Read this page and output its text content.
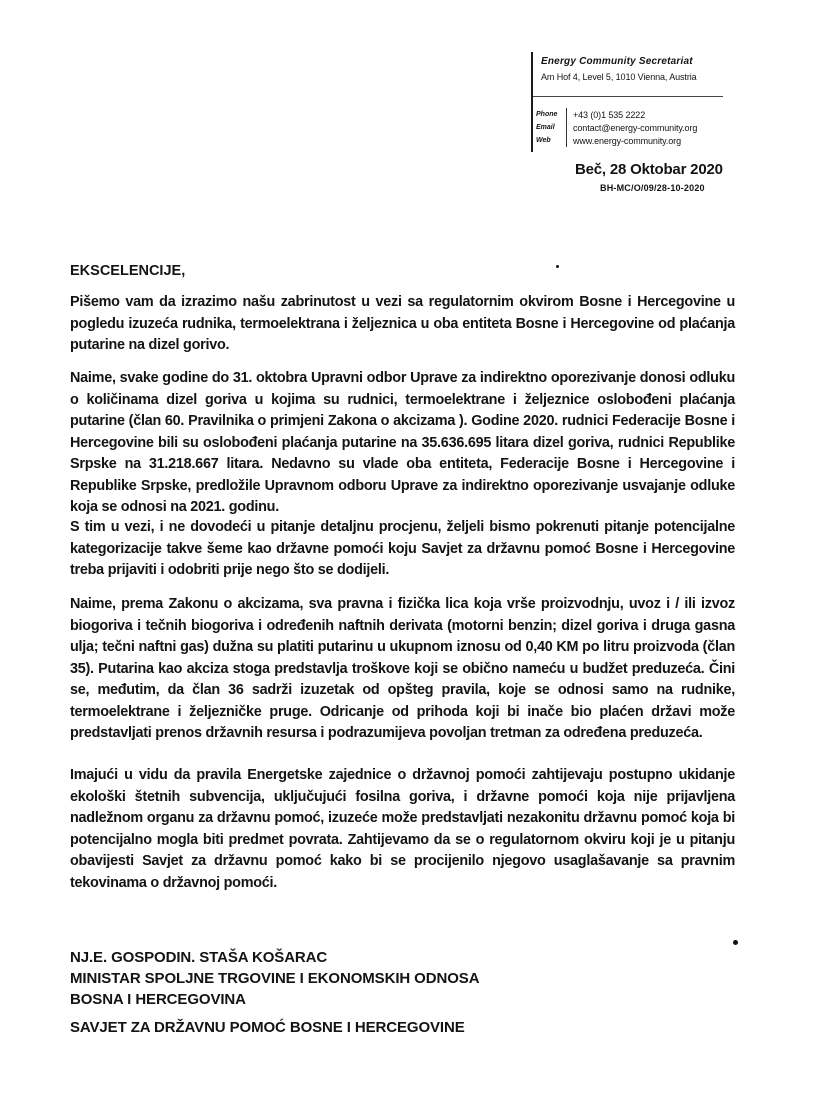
Energy Community Secretariat
Am Hof 4, Level 5, 1010 Vienna, Austria
Phone	+43 (0)1 535 2222
Email	contact@energy-community.org
Web	www.energy-community.org
Beč, 28 Oktobar 2020
BH-MC/O/09/28-10-2020
EKSCELENCIJE,
Pišemo vam da izrazimo našu zabrinutost u vezi sa regulatornim okvirom Bosne i Hercegovine u pogledu izuzeća rudnika, termoelektrana i željeznica u oba entiteta Bosne i Hercegovine od plaćanja putarine na dizel gorivo.
Naime, svake godine do 31. oktobra Upravni odbor Uprave za indirektno oporezivanje donosi odluku o količinama dizel goriva u kojima su rudnici, termoelektrane i željeznice oslobođeni plaćanja putarine (član 60. Pravilnika o primjeni Zakona o akcizama ). Godine 2020. rudnici Federacije Bosne i Hercegovine bili su oslobođeni plaćanja putarine na 35.636.695 litara dizel goriva, rudnici Republike Srpske na 31.218.667 litara. Nedavno su vlade oba entiteta, Federacije Bosne i Hercegovine i Republike Srpske, predložile Upravnom odboru Uprave za indirektno oporezivanje usvajanje odluke koja se odnosi na 2021. godinu.
S tim u vezi, i ne dovodeći u pitanje detaljnu procjenu, željeli bismo pokrenuti pitanje potencijalne kategorizacije takve šeme kao državne pomoći koju Savjet za državnu pomoć Bosne i Hercegovine treba prijaviti i odobriti prije nego što se dodijeli.
Naime, prema Zakonu o akcizama, sva pravna i fizička lica koja vrše proizvodnju, uvoz i / ili izvoz biogoriva i tečnih biogoriva i određenih naftnih derivata (motorni benzin; dizel goriva i druga gasna ulja; tečni naftni gas) dužna su platiti putarinu u ukupnom iznosu od 0,40 KM po litru proizvoda (član 35). Putarina kao akciza stoga predstavlja troškove koji se obično nameću u budžet preduzeća. Čini se, međutim, da član 36 sadrži izuzetak od opšteg pravila, koje se odnosi samo na rudnike, termoelektrane i željezničke pruge. Odricanje od prihoda koji bi inače bio plaćen državi može predstavljati prenos državnih resursa i podrazumijeva povoljan tretman za određena preduzeća.
Imajući u vidu da pravila Energetske zajednice o državnoj pomoći zahtijevaju postupno ukidanje ekološki štetnih subvencija, uključujući fosilna goriva, i državne pomoći koja nije prijavljena nadležnom organu za državnu pomoć, izuzeće može predstavljati nezakonitu državnu pomoć koja bi potencijalno mogla biti predmet povrata. Zahtijevamo da se o regulatornom okviru koji je u pitanju obavijesti Savjet za državnu pomoć kako bi se procijenilo njegovo usaglašavanje sa pravnim tekovinama o državnoj pomoći.
NJ.E. GOSPODIN. STAŠA KOŠARAC
MINISTAR SPOLJNE TRGOVINE I EKONOMSKIH ODNOSA
BOSNA I HERCEGOVINA
SAVJET ZA DRŽAVNU POMOĆ BOSNE I HERCEGOVINE
